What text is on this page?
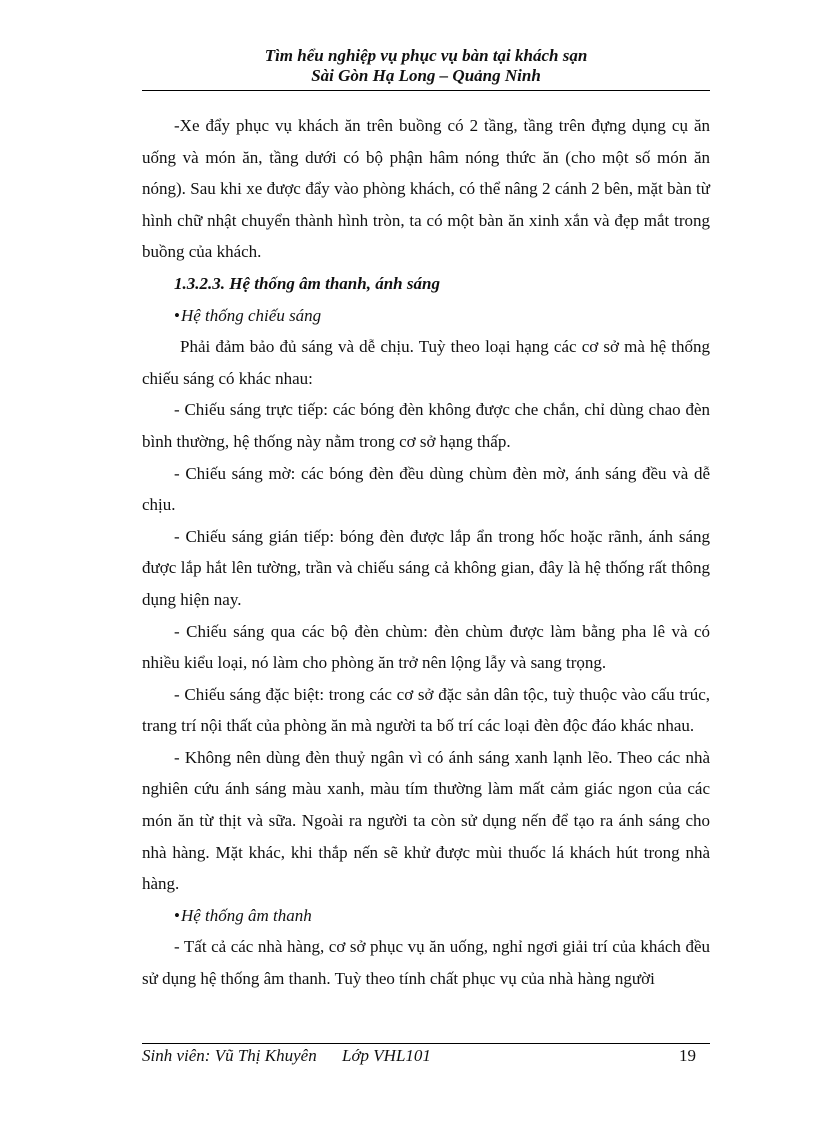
Tìm hểu nghiệp vụ phục vụ bàn tại khách sạn
Sài Gòn Hạ Long – Quảng Ninh

-Xe đẩy phục vụ khách ăn trên buồng có 2 tầng, tầng trên đựng dụng cụ ăn uống và món ăn, tầng dưới có bộ phận hâm nóng thức ăn (cho một số món ăn nóng). Sau khi xe được đẩy vào phòng khách, có thể nâng 2 cánh 2 bên, mặt bàn từ hình chữ nhật chuyển thành hình tròn, ta có một bàn ăn xinh xắn và đẹp mắt trong buồng của khách.

1.3.2.3. Hệ thống âm thanh, ánh sáng

•Hệ thống chiếu sáng

Phải đảm bảo đủ sáng và dễ chịu. Tuỳ theo loại hạng các cơ sở mà hệ thống chiếu sáng có khác nhau:

- Chiếu sáng trực tiếp: các bóng đèn không được che chắn, chỉ dùng chao đèn bình thường, hệ thống này nằm trong cơ sở hạng thấp.

- Chiếu sáng mờ: các bóng đèn đều dùng chùm đèn mờ, ánh sáng đều và dễ chịu.

- Chiếu sáng gián tiếp: bóng đèn được lắp ẩn trong hốc hoặc rãnh, ánh sáng được lắp hắt lên tường, trần và chiếu sáng cả không gian, đây là hệ thống rất thông dụng hiện nay.

- Chiếu sáng qua các bộ đèn chùm: đèn chùm được làm bằng pha lê và có nhiều kiểu loại, nó làm cho phòng ăn trở nên lộng lẫy và sang trọng.

- Chiếu sáng đặc biệt: trong các cơ sở đặc sản dân tộc, tuỳ thuộc vào cấu trúc, trang trí nội thất của phòng ăn mà người ta bố trí các loại đèn độc đáo khác nhau.

- Không nên dùng đèn thuỷ ngân vì có ánh sáng xanh lạnh lẽo. Theo các nhà nghiên cứu ánh sáng màu xanh, màu tím thường làm mất cảm giác ngon của các món ăn từ thịt và sữa. Ngoài ra người ta còn sử dụng nến để tạo ra ánh sáng cho nhà hàng. Mặt khác, khi thắp nến sẽ khử được mùi thuốc lá khách hút trong nhà hàng.

•Hệ thống âm thanh

- Tất cả các nhà hàng, cơ sở phục vụ ăn uống, nghỉ ngơi giải trí của khách đều sử dụng hệ thống âm thanh. Tuỳ theo tính chất phục vụ của nhà hàng người

Sinh viên: Vũ Thị Khuyên Lớp VHL101	19
